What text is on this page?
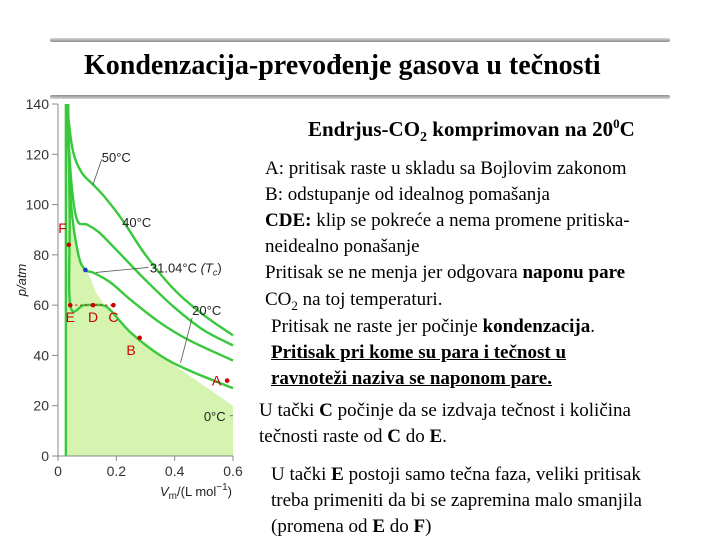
Kondenzacija-prevođenje gasova u tečnosti
0
20
40
60
80
100
120
140
0	0.2	0.4	0.6
p/atm
$V_m/(L$ mol$^{-1}$)
50°C
40°C
31.04°C $(T_c)$
20°C
0°C
F
E D C
B
A
Endrjus-$CO_2$ komprimovan na $20^0C$
A: pritisak raste u skladu sa Bojlovim zakonom
B: odstupanje od idealnog pomašanja
CDE: klip se pokreće a nema promene pritiska-
neidealno ponašanje
Pritisak se ne menja jer odgovara naponu pare
$CO_2$ na toj temperaturi.
Pritisak ne raste jer počinje kondenzacija.
Pritisak pri kome su para i tečnost u
ravnoteži naziva se naponom pare.
U tački C počinje da se izdvaja tečnost i količina
tečnosti raste od C do E.
U tački E postoji samo tečna faza, veliki pritisak
treba primeniti da bi se zapremina malo smanjila
(promena od E do F)
